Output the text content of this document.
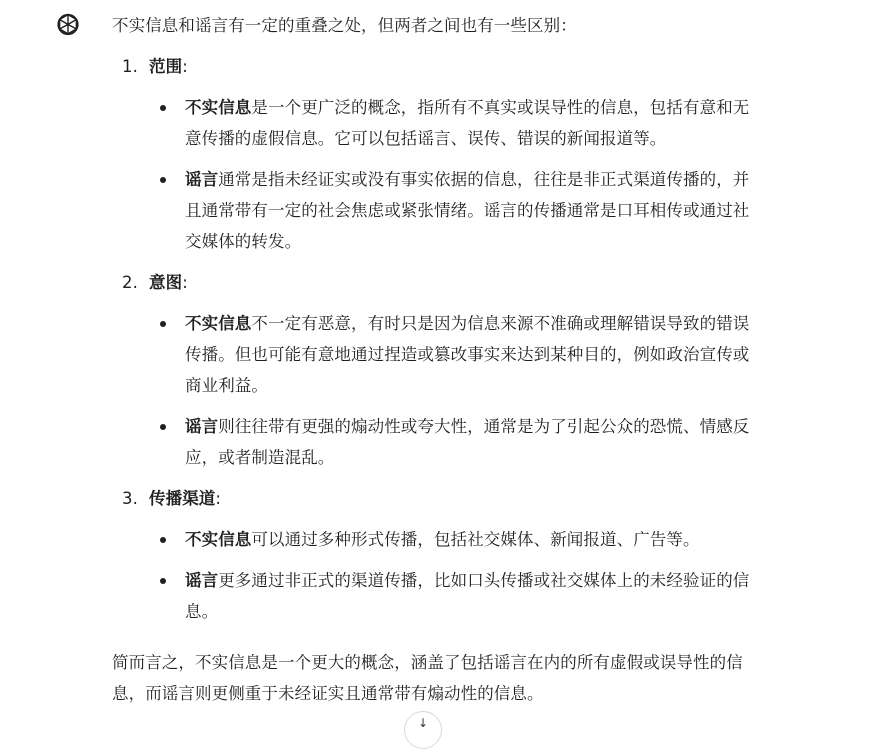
不实信息和谣言有一定的重叠之处，但两者之间也有一些区别：

1. 范围:
不实信息是一个更广泛的概念，指所有不真实或误导性的信息，包括有意和无意传播的虚假信息。它可以包括谣言、误传、错误的新闻报道等。
谣言通常是指未经证实或没有事实依据的信息，往往是非正式渠道传播的，并且通常带有一定的社会焦虑或紧张情绪。谣言的传播通常是口耳相传或通过社交媒体的转发。
2. 意图:
不实信息不一定有恶意，有时只是因为信息来源不准确或理解错误导致的错误传播。但也可能有意地通过捏造或篡改事实来达到某种目的，例如政治宣传或商业利益。
谣言则往往带有更强的煽动性或夸大性，通常是为了引起公众的恐慌、情感反应，或者制造混乱。
3. 传播渠道:
不实信息可以通过多种形式传播，包括社交媒体、新闻报道、广告等。
谣言更多通过非正式的渠道传播，比如口头传播或社交媒体上的未经验证的信息。

简而言之，不实信息是一个更大的概念，涵盖了包括谣言在内的所有虚假或误导性的信息，而谣言则更侧重于未经证实且通常带有煽动性的信息。

↓
